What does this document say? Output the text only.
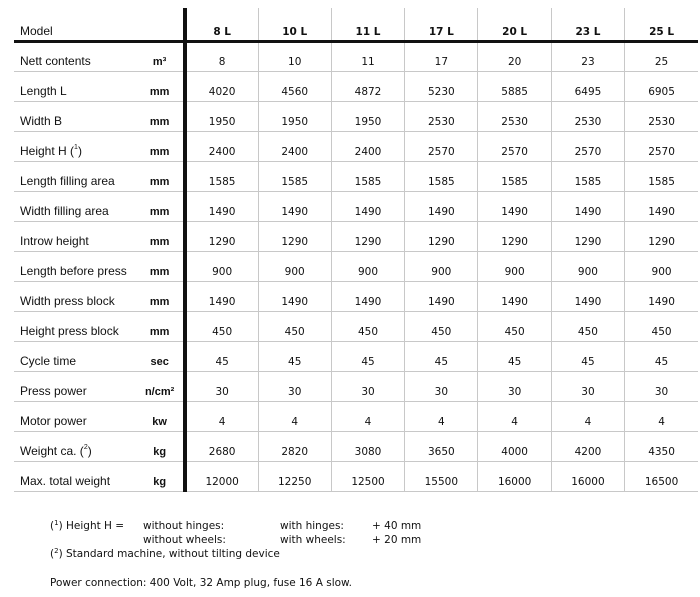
Model		8 L	10 L	11 L	17 L	20 L	23 L	25 L
Nett contents	m³	8	10	11	17	20	23	25
Length L	mm	4020	4560	4872	5230	5885	6495	6905
Width B	mm	1950	1950	1950	2530	2530	2530	2530
Height H ($^1$)	mm	2400	2400	2400	2570	2570	2570	2570
Length filling area	mm	1585	1585	1585	1585	1585	1585	1585
Width filling area	mm	1490	1490	1490	1490	1490	1490	1490
Introw height	mm	1290	1290	1290	1290	1290	1290	1290
Length before press	mm	900	900	900	900	900	900	900
Width press block	mm	1490	1490	1490	1490	1490	1490	1490
Height press block	mm	450	450	450	450	450	450	450
Cycle time	sec	45	45	45	45	45	45	45
Press power	n/cm²	30	30	30	30	30	30	30
Motor power	kw	4	4	4	4	4	4	4
Weight ca. ($^2$)	kg	2680	2820	3080	3650	4000	4200	4350
Max. total weight	kg	12000	12250	12500	15500	16000	16000	16500
($^1$) Height H = without hinges:	with hinges:	+ 40 mm
without wheels:	with wheels:	+ 20 mm
($^2$) Standard machine, without tilting device
Power connection: 400 Volt, 32 Amp plug, fuse 16 A slow.
